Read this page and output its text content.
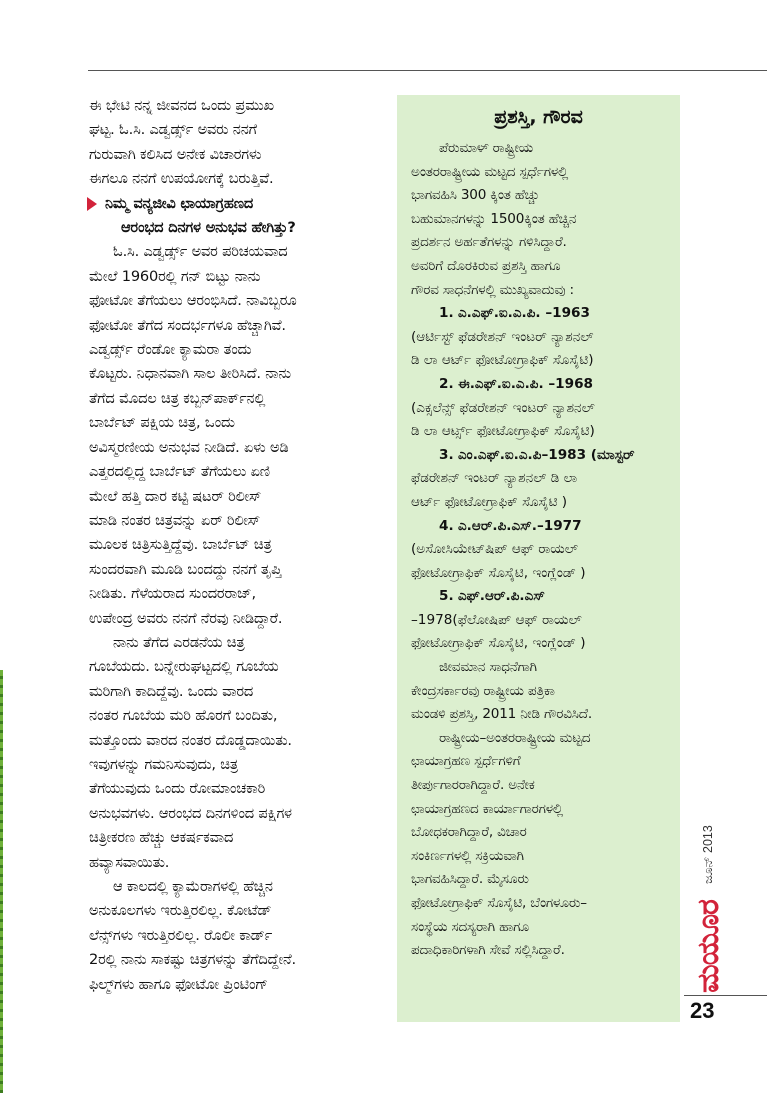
ಈ ಭೇಟಿ ನನ್ನ ಜೀವನದ ಒಂದು ಪ್ರಮುಖ
ಘಟ್ಟ. ಓ.ಸಿ. ಎಡ್ವರ್ಡ್ಸ್ ಅವರು ನನಗೆ
ಗುರುವಾಗಿ ಕಲಿಸಿದ ಅನೇಕ ವಿಚಾರಗಳು
ಈಗಲೂ ನನಗೆ ಉಪಯೋಗಕ್ಕೆ ಬರುತ್ತಿವೆ.

ನಿಮ್ಮ ವನ್ಯಜೀವಿ ಛಾಯಾಗ್ರಹಣದ
ಆರಂಭದ ದಿನಗಳ ಅನುಭವ ಹೇಗಿತ್ತು?

ಓ.ಸಿ. ಎಡ್ವರ್ಡ್ಸ್ ಅವರ ಪರಿಚಯವಾದ
ಮೇಲೆ 1960ರಲ್ಲಿ ಗನ್ ಬಿಟ್ಟು ನಾನು
ಫೋಟೋ ತೆಗೆಯಲು ಆರಂಭಿಸಿದೆ. ನಾವಿಬ್ಬರೂ
ಫೋಟೋ ತೆಗೆದ ಸಂದರ್ಭಗಳೂ ಹೆಚ್ಚಾಗಿವೆ.
ಎಡ್ವರ್ಡ್ಸ್ ರೆಂಡೋ ಕ್ಯಾಮರಾ ತಂದು
ಕೊಟ್ಟರು. ನಿಧಾನವಾಗಿ ಸಾಲ ತೀರಿಸಿದೆ. ನಾನು
ತೆಗೆದ ಮೊದಲ ಚಿತ್ರ ಕಬ್ಬನ್‌ಪಾರ್ಕ್‌ನಲ್ಲಿ
ಬಾರ್ಬೆಟ್ ಪಕ್ಷಿಯ ಚಿತ್ರ, ಒಂದು
ಅವಿಸ್ಮರಣೀಯ ಅನುಭವ ನೀಡಿದೆ. ಏಳು ಅಡಿ
ಎತ್ತರದಲ್ಲಿದ್ದ ಬಾರ್ಬೆಟ್ ತೆಗೆಯಲು ಏಣಿ
ಮೇಲೆ ಹತ್ತಿ ದಾರ ಕಟ್ಟಿ ಷಟರ್ ರಿಲೀಸ್
ಮಾಡಿ ನಂತರ ಚಿತ್ರವನ್ನು ಏರ್ ರಿಲೀಸ್
ಮೂಲಕ ಚಿತ್ರಿಸುತ್ತಿದ್ದೆವು. ಬಾರ್ಬೆಟ್ ಚಿತ್ರ
ಸುಂದರವಾಗಿ ಮೂಡಿ ಬಂದದ್ದು ನನಗೆ ತೃಪ್ತಿ
ನೀಡಿತು. ಗೆಳೆಯರಾದ ಸುಂದರರಾಜ್,
ಉಪೇಂದ್ರ ಅವರು ನನಗೆ ನೆರವು ನೀಡಿದ್ದಾರೆ.

ನಾನು ತೆಗೆದ ಎರಡನೆಯ ಚಿತ್ರ
ಗೂಬೆಯದು. ಬನ್ನೇರುಘಟ್ಟದಲ್ಲಿ ಗೂಬೆಯ
ಮರಿಗಾಗಿ ಕಾದಿದ್ದೆವು. ಒಂದು ವಾರದ
ನಂತರ ಗೂಬೆಯ ಮರಿ ಹೊರಗೆ ಬಂದಿತು,
ಮತ್ತೊಂದು ವಾರದ ನಂತರ ದೊಡ್ಡದಾಯಿತು.
ಇವುಗಳನ್ನು ಗಮನಿಸುವುದು, ಚಿತ್ರ
ತೆಗೆಯುವುದು ಒಂದು ರೋಮಾಂಚಕಾರಿ
ಅನುಭವಗಳು. ಆರಂಭದ ದಿನಗಳಿಂದ ಪಕ್ಷಿಗಳ
ಚಿತ್ರೀಕರಣ ಹೆಚ್ಚು ಆಕರ್ಷಕವಾದ
ಹವ್ಯಾಸವಾಯಿತು.

ಆ ಕಾಲದಲ್ಲಿ ಕ್ಯಾಮೆರಾಗಳಲ್ಲಿ ಹೆಚ್ಚಿನ
ಅನುಕೂಲಗಳು ಇರುತ್ತಿರಲಿಲ್ಲ. ಕೋಟೆಡ್
ಲೆನ್ಸ್‌ಗಳು ಇರುತ್ತಿರಲಿಲ್ಲ. ರೊಲೀ ಕಾರ್ಡ್
2ರಲ್ಲಿ ನಾನು ಸಾಕಷ್ಟು ಚಿತ್ರಗಳನ್ನು ತೆಗೆದಿದ್ದೇನೆ.
ಫಿಲ್ಮ್‌ಗಳು ಹಾಗೂ ಫೋಟೋ ಪ್ರಿಂಟಿಂಗ್

ಪ್ರಶಸ್ತಿ, ಗೌರವ

ಪೆರುಮಾಳ್ ರಾಷ್ಟ್ರೀಯ
ಅಂತರರಾಷ್ಟ್ರೀಯ ಮಟ್ಟದ ಸ್ಪರ್ಧೆಗಳಲ್ಲಿ
ಭಾಗವಹಿಸಿ 300 ಕ್ಕಿಂತ ಹೆಚ್ಚು
ಬಹುಮಾನಗಳನ್ನು 1500ಕ್ಕಿಂತ ಹೆಚ್ಚಿನ
ಪ್ರದರ್ಶನ ಅರ್ಹತೆಗಳನ್ನು ಗಳಿಸಿದ್ದಾರೆ.
ಅವರಿಗೆ ದೊರಕಿರುವ ಪ್ರಶಸ್ತಿ ಹಾಗೂ
ಗೌರವ ಸಾಧನೆಗಳಲ್ಲಿ ಮುಖ್ಯವಾದುವು :

1. ಎ.ಎಫ್.ಐ.ಎ.ಪಿ. –1963
(ಆರ್ಟಿಸ್ಟ್ ಫೆಡರೇಶನ್ ಇಂಟರ್ ನ್ಯಾಶನಲ್
ಡಿ ಲಾ ಆರ್ಟ್ ಫೋಟೋಗ್ರಾಫಿಕ್ ಸೊಸೈಟಿ)
2. ಈ.ಎಫ್.ಐ.ಎ.ಪಿ. –1968
(ಎಕ್ಸಲೆನ್ಸ್ ಫೆಡರೇಶನ್ ಇಂಟರ್ ನ್ಯಾಶನಲ್
ಡಿ ಲಾ ಆರ್ಟ್ಸ್ ಫೋಟೋಗ್ರಾಫಿಕ್ ಸೊಸೈಟಿ)
3. ಎಂ.ಎಫ್.ಐ.ಎ.ಪಿ–1983 (ಮಾಸ್ಟರ್
ಫೆಡರೇಶನ್ ಇಂಟರ್ ನ್ಯಾಶನಲ್ ಡಿ ಲಾ
ಆರ್ಟ್ ಫೋಟೋಗ್ರಾಫಿಕ್ ಸೊಸೈಟಿ )
4. ಎ.ಆರ್.ಪಿ.ಎಸ್.–1977
(ಅಸೋಸಿಯೇಟ್‌ಷಿಪ್ ಆಫ್ ರಾಯಲ್
ಫೋಟೋಗ್ರಾಫಿಕ್ ಸೊಸೈಟಿ, ಇಂಗ್ಲೆಂಡ್ )
5. ಎಫ್.ಆರ್.ಪಿ.ಎಸ್
–1978(ಫೆಲೋಷಿಪ್ ಆಫ್ ರಾಯಲ್
ಫೋಟೋಗ್ರಾಫಿಕ್ ಸೊಸೈಟಿ, ಇಂಗ್ಲೆಂಡ್ )

ಜೀವಮಾನ ಸಾಧನೆಗಾಗಿ
ಕೇಂದ್ರಸರ್ಕಾರವು ರಾಷ್ಟ್ರೀಯ ಪತ್ರಿಕಾ
ಮಂಡಳಿ ಪ್ರಶಸ್ತಿ, 2011 ನೀಡಿ ಗೌರವಿಸಿದೆ.

ರಾಷ್ಟ್ರೀಯ–ಅಂತರರಾಷ್ಟ್ರೀಯ ಮಟ್ಟದ
ಛಾಯಾಗ್ರಹಣ ಸ್ಪರ್ಧೆಗಳಿಗೆ
ತೀರ್ಪುಗಾರರಾಗಿದ್ದಾರೆ. ಅನೇಕ
ಛಾಯಾಗ್ರಹಣದ ಕಾರ್ಯಾಗಾರಗಳಲ್ಲಿ
ಬೋಧಕರಾಗಿದ್ದಾರೆ, ವಿಚಾರ
ಸಂಕಿರ್ಣಗಳಲ್ಲಿ ಸಕ್ರಿಯವಾಗಿ
ಭಾಗವಹಿಸಿದ್ದಾರೆ. ಮೈಸೂರು
ಫೋಟೋಗ್ರಾಫಿಕ್ ಸೊಸೈಟಿ, ಬೆಂಗಳೂರು–
ಸಂಸ್ಥೆಯ ಸದಸ್ಯರಾಗಿ ಹಾಗೂ
ಪದಾಧಿಕಾರಿಗಳಾಗಿ ಸೇವೆ ಸಲ್ಲಿಸಿದ್ದಾರೆ.

ಜೂನ್ 2013
ಮಯೂರ
23
